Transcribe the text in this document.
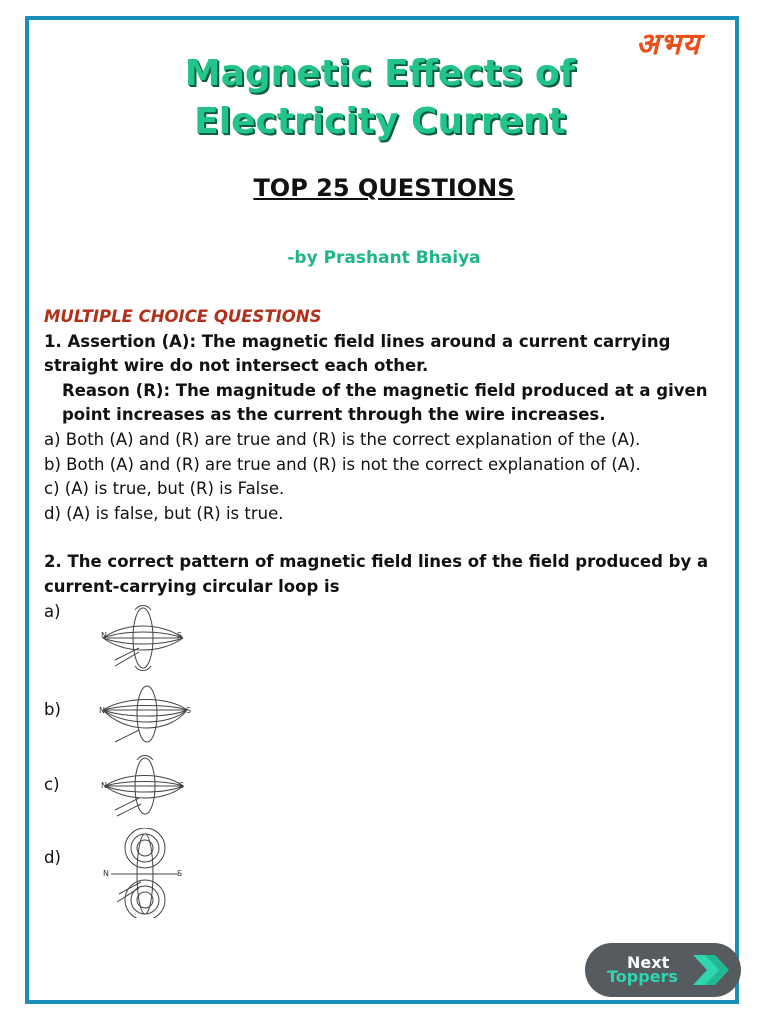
अभय
Magnetic Effects of Electricity Current
TOP 25 QUESTIONS
-by Prashant Bhaiya
MULTIPLE CHOICE QUESTIONS
1. Assertion (A): The magnetic field lines around a current carrying straight wire do not intersect each other.
Reason (R): The magnitude of the magnetic field produced at a given point increases as the current through the wire increases.
a) Both (A) and (R) are true and (R) is the correct explanation of the (A).
b) Both (A) and (R) are true and (R) is not the correct explanation of (A).
c) (A) is true, but (R) is False.
d) (A) is false, but (R) is true.
2. The correct pattern of magnetic field lines of the field produced by a current-carrying circular loop is
a)
b)
c)
d)
N	S
N	S
N	S
N	S
Next
Toppers
